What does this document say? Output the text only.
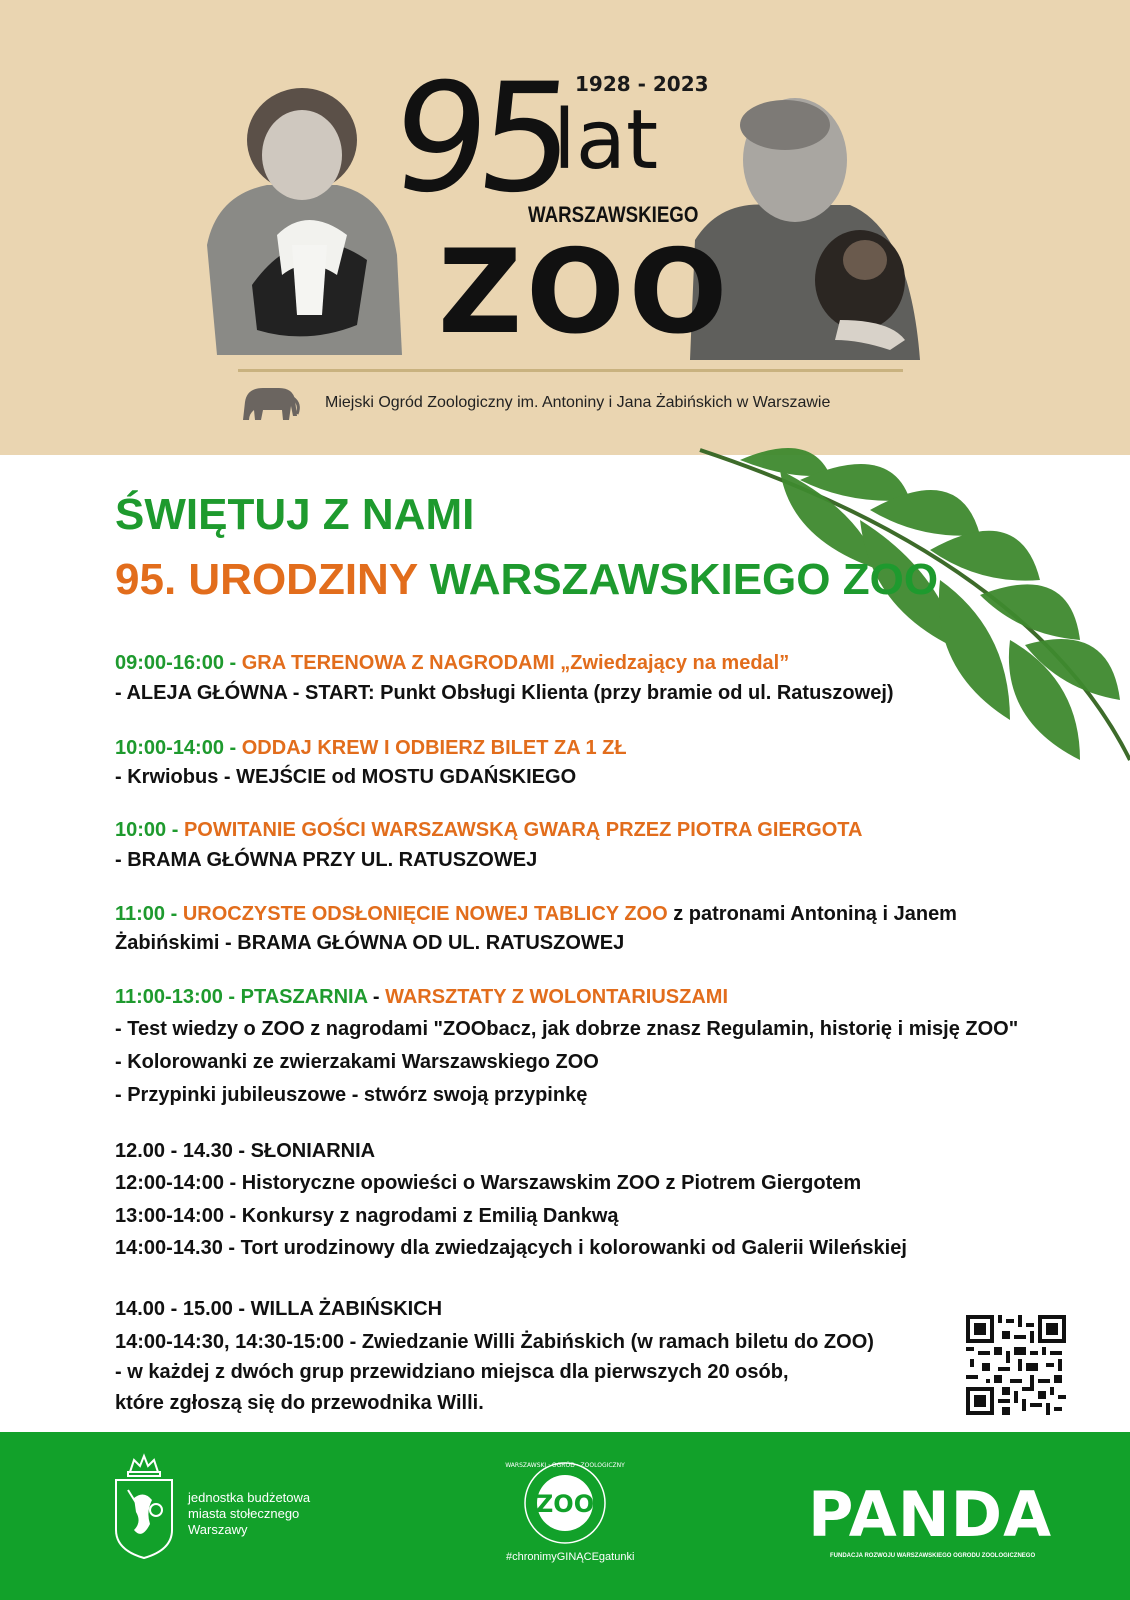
1928 - 2023
95
lat
WARSZAWSKIEGO
ZOO
Miejski Ogród Zoologiczny im. Antoniny i Jana Żabińskich w Warszawie
ŚWIĘTUJ Z NAMI
95. URODZINY WARSZAWSKIEGO ZOO
09:00-16:00 - GRA TERENOWA Z NAGRODAMI „Zwiedzający na medal”
- ALEJA GŁÓWNA - START: Punkt Obsługi Klienta (przy bramie od ul. Ratuszowej)
10:00-14:00 - ODDAJ KREW I ODBIERZ BILET ZA 1 ZŁ
- Krwiobus - WEJŚCIE od MOSTU GDAŃSKIEGO
10:00 - POWITANIE GOŚCI WARSZAWSKĄ GWARĄ PRZEZ PIOTRA GIERGOTA
- BRAMA GŁÓWNA PRZY UL. RATUSZOWEJ
11:00 - UROCZYSTE ODSŁONIĘCIE NOWEJ TABLICY ZOO z patronami Antoniną i Janem
Żabińskimi - BRAMA GŁÓWNA OD UL. RATUSZOWEJ
11:00-13:00 - PTASZARNIA - WARSZTATY Z WOLONTARIUSZAMI
- Test wiedzy o ZOO z nagrodami "ZOObacz, jak dobrze znasz Regulamin, historię i misję ZOO"
- Kolorowanki ze zwierzakami Warszawskiego ZOO
- Przypinki jubileuszowe - stwórz swoją przypinkę
12.00 - 14.30 - SŁONIARNIA
12:00-14:00 - Historyczne opowieści o Warszawskim ZOO z Piotrem Giergotem
13:00-14:00 - Konkursy z nagrodami z Emilią Dankwą
14:00-14.30 - Tort urodzinowy dla zwiedzających i kolorowanki od Galerii Wileńskiej
14.00 - 15.00 - WILLA ŻABIŃSKICH
14:00-14:30, 14:30-15:00 - Zwiedzanie Willi Żabińskich (w ramach biletu do ZOO)
- w każdej z dwóch grup przewidziano miejsca dla pierwszych 20 osób,
które zgłoszą się do przewodnika Willi.
jednostka budżetowa
miasta stołecznego
Warszawy
ZOO
WARSZAWSKI · OGRÓD · ZOOLOGICZNY
#chronimyGINĄCEgatunki
PANDA
FUNDACJA ROZWOJU WARSZAWSKIEGO OGRODU ZOOLOGICZNEGO
